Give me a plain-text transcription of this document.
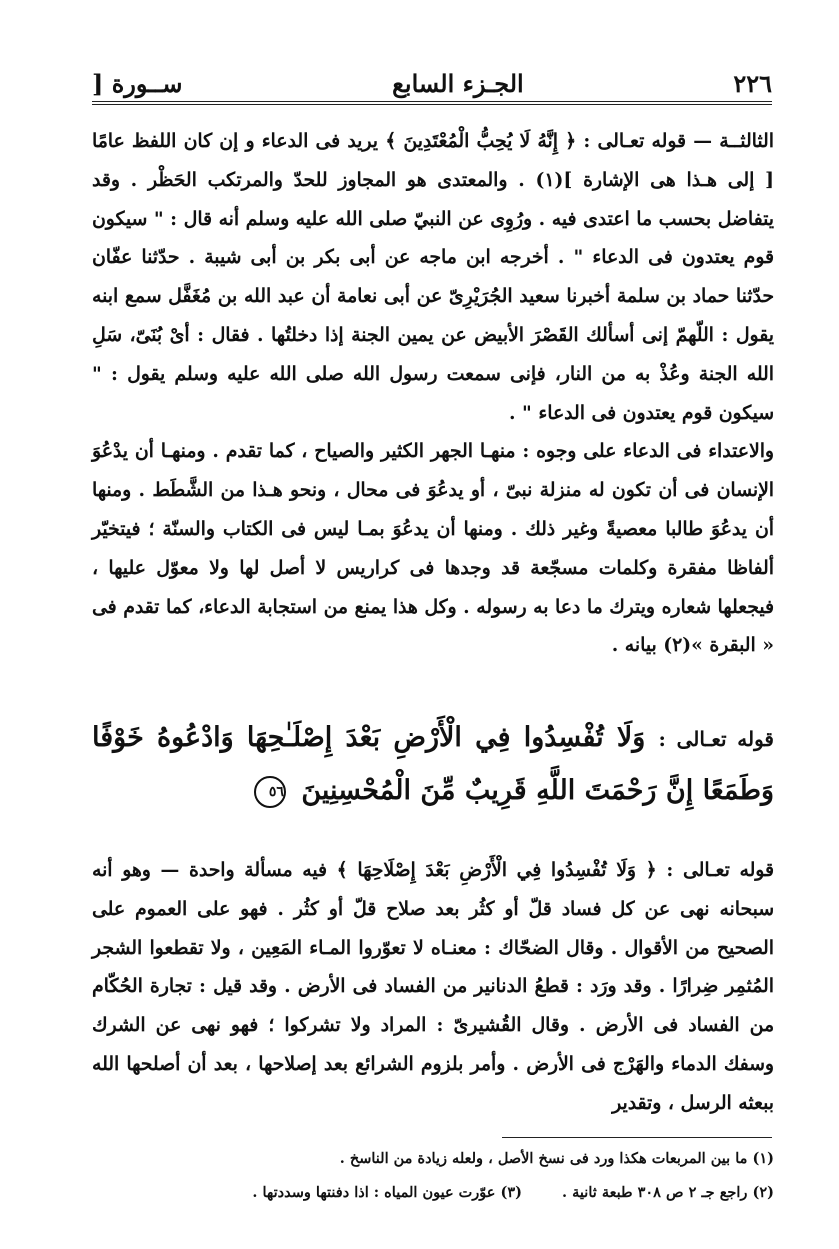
٢٢٦
الجـزء السابع
ســورة [

الثالثــة — قوله تعـالى : ﴿ إِنَّهُ لَا يُحِبُّ الْمُعْتَدِينَ ﴾ يريد فى الدعاء و إن كان اللفظ عامًا [ إلى هـذا هى الإشارة ](١) . والمعتدى هو المجاوز للحدّ والمرتكب الحَظْر . وقد يتفاضل بحسب ما اعتدى فيه . ورُوِى عن النبيّ صلى الله عليه وسلم أنه قال : " سيكون قوم يعتدون فى الدعاء " . أخرجه ابن ماجه عن أبى بكر بن أبى شيبة . حدّثنا عفّان حدّثنا حماد بن سلمة أخبرنا سعيد الجُرَيْرِىّ عن أبى نعامة أن عبد الله بن مُغَفَّل سمع ابنه يقول : اللّهمّ إنى أسألك القَصْرَ الأبيض عن يمين الجنة إذا دخلتُها . فقال : أىْ بُنَىّ، سَلِ الله الجنة وعُذْ به من النار، فإنى سمعت رسول الله صلى الله عليه وسلم يقول : " سيكون قوم يعتدون فى الدعاء " .

والاعتداء فى الدعاء على وجوه : منهـا الجهر الكثير والصياح ، كما تقدم . ومنهـا أن يدْعُوَ الإنسان فى أن تكون له منزلة نبىّ ، أو يدعُوَ فى محال ، ونحو هـذا من الشَّطَط . ومنها أن يدعُوَ طالبا معصيةً وغير ذلك . ومنها أن يدعُوَ بمـا ليس فى الكتاب والسنّة ؛ فيتخيّر ألفاظا مفقرة وكلمات مسجّعة قد وجدها فى كراريس لا أصل لها ولا معوّل عليها ، فيجعلها شعاره ويترك ما دعا به رسوله . وكل هذا يمنع من استجابة الدعاء، كما تقدم فى « البقرة »(٢) بيانه .

قوله تعـالى : وَلَا تُفْسِدُوا فِي الْأَرْضِ بَعْدَ إِصْلَـٰحِهَا وَادْعُوهُ خَوْفًا وَطَمَعًا إِنَّ رَحْمَتَ اللَّهِ قَرِيبٌ مِّنَ الْمُحْسِنِينَ ٥٦

قوله تعـالى : ﴿ وَلَا تُفْسِدُوا فِي الْأَرْضِ بَعْدَ إِصْلَاحِهَا ﴾ فيه مسألة واحدة — وهو أنه سبحانه نهى عن كل فساد قلّ أو كثُر بعد صلاح قلّ أو كثُر . فهو على العموم على الصحيح من الأقوال . وقال الضحّاك : معنـاه لا تعوّروا المـاء المَعِين ، ولا تقطعوا الشجر المُثمِر ضِرارًا . وقد ورَد : قطعُ الدنانير من الفساد فى الأرض . وقد قيل : تجارة الحُكّام من الفساد فى الأرض . وقال القُشيرىّ : المراد ولا تشركوا ؛ فهو نهى عن الشرك وسفك الدماء والهَرْج فى الأرض . وأمر بلزوم الشرائع بعد إصلاحها ، بعد أن أصلحها الله ببعثه الرسل ، وتقدير

(١) ما بين المربعات هكذا ورد فى نسخ الأصل ، ولعله زيادة من الناسخ .
(٢) راجع جـ ٢ ص ٣٠٨ طبعة ثانية .
(٣) عوّرت عيون المياه : اذا دفنتها وسددتها .
